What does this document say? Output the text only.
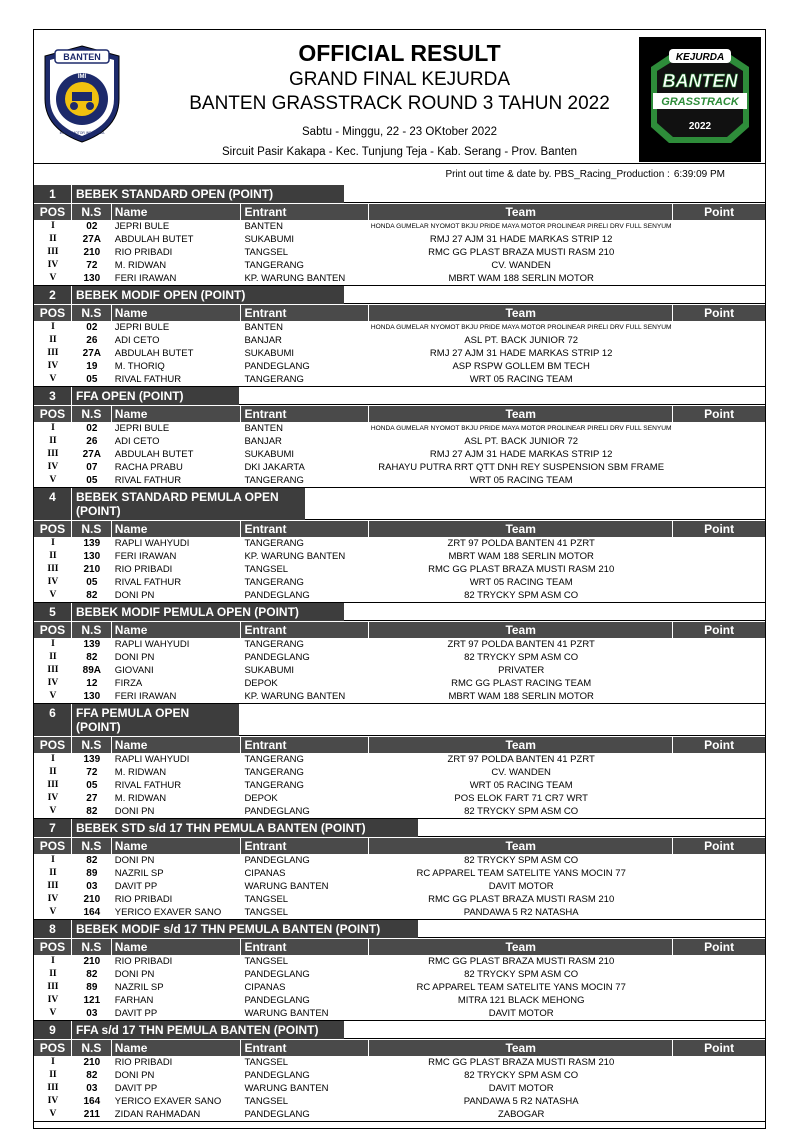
BANTEN
IMI
IKATAN MOTOR INDONESIA
OFFICIAL RESULT
GRAND FINAL KEJURDA
BANTEN GRASSTRACK ROUND 3 TAHUN 2022
Sabtu - Minggu, 22 - 23 OKtober 2022
Sircuit Pasir Kakapa - Kec. Tunjung Teja - Kab. Serang - Prov. Banten
KEJURDA
BANTEN
GRASSTRACK
2022
Print out time & date by. PBS_Racing_Production : 6:39:09 PM
1	BEBEK STANDARD OPEN (POINT)
POS	N.S	Name	Entrant	Team	Point
I	02	JEPRI BULE	BANTEN	HONDA GUMELAR NYOMOT BKJU PRIDE MAYA MOTOR PROLINEAR PIRELI DRV FULL SENYUM
II	27A	ABDULAH BUTET	SUKABUMI	RMJ 27 AJM 31 HADE MARKAS STRIP 12
III	210	RIO PRIBADI	TANGSEL	RMC GG PLAST BRAZA MUSTI RASM 210
IV	72	M. RIDWAN	TANGERANG	CV. WANDEN
V	130	FERI IRAWAN	KP. WARUNG BANTEN	MBRT WAM 188 SERLIN MOTOR
2	BEBEK MODIF OPEN (POINT)
POS	N.S	Name	Entrant	Team	Point
I	02	JEPRI BULE	BANTEN	HONDA GUMELAR NYOMOT BKJU PRIDE MAYA MOTOR PROLINEAR PIRELI DRV FULL SENYUM
II	26	ADI CETO	BANJAR	ASL PT. BACK JUNIOR 72
III	27A	ABDULAH BUTET	SUKABUMI	RMJ 27 AJM 31 HADE MARKAS STRIP 12
IV	19	M. THORIQ	PANDEGLANG	ASP RSPW GOLLEM BM TECH
V	05	RIVAL FATHUR	TANGERANG	WRT 05 RACING TEAM
3	FFA OPEN (POINT)
POS	N.S	Name	Entrant	Team	Point
I	02	JEPRI BULE	BANTEN	HONDA GUMELAR NYOMOT BKJU PRIDE MAYA MOTOR PROLINEAR PIRELI DRV FULL SENYUM
II	26	ADI CETO	BANJAR	ASL PT. BACK JUNIOR 72
III	27A	ABDULAH BUTET	SUKABUMI	RMJ 27 AJM 31 HADE MARKAS STRIP 12
IV	07	RACHA PRABU	DKI JAKARTA	RAHAYU PUTRA RRT QTT DNH REY SUSPENSION SBM FRAME
V	05	RIVAL FATHUR	TANGERANG	WRT 05 RACING TEAM
4	BEBEK STANDARD PEMULA OPEN (POINT)
POS	N.S	Name	Entrant	Team	Point
I	139	RAPLI WAHYUDI	TANGERANG	ZRT 97 POLDA BANTEN 41 PZRT
II	130	FERI IRAWAN	KP. WARUNG BANTEN	MBRT WAM 188 SERLIN MOTOR
III	210	RIO PRIBADI	TANGSEL	RMC GG PLAST BRAZA MUSTI RASM 210
IV	05	RIVAL FATHUR	TANGERANG	WRT 05 RACING TEAM
V	82	DONI PN	PANDEGLANG	82 TRYCKY SPM ASM CO
5	BEBEK MODIF PEMULA OPEN (POINT)
POS	N.S	Name	Entrant	Team	Point
I	139	RAPLI WAHYUDI	TANGERANG	ZRT 97 POLDA BANTEN 41 PZRT
II	82	DONI PN	PANDEGLANG	82 TRYCKY SPM ASM CO
III	89A	GIOVANI	SUKABUMI	PRIVATER
IV	12	FIRZA	DEPOK	RMC GG PLAST RACING TEAM
V	130	FERI IRAWAN	KP. WARUNG BANTEN	MBRT WAM 188 SERLIN MOTOR
6	FFA PEMULA OPEN (POINT)
POS	N.S	Name	Entrant	Team	Point
I	139	RAPLI WAHYUDI	TANGERANG	ZRT 97 POLDA BANTEN 41 PZRT
II	72	M. RIDWAN	TANGERANG	CV. WANDEN
III	05	RIVAL FATHUR	TANGERANG	WRT 05 RACING TEAM
IV	27	M. RIDWAN	DEPOK	POS ELOK FART 71 CR7 WRT
V	82	DONI PN	PANDEGLANG	82 TRYCKY SPM ASM CO
7	BEBEK STD s/d 17 THN PEMULA BANTEN (POINT)
POS	N.S	Name	Entrant	Team	Point
I	82	DONI PN	PANDEGLANG	82 TRYCKY SPM ASM CO
II	89	NAZRIL SP	CIPANAS	RC APPAREL TEAM SATELITE YANS MOCIN 77
III	03	DAVIT PP	WARUNG BANTEN	DAVIT MOTOR
IV	210	RIO PRIBADI	TANGSEL	RMC GG PLAST BRAZA MUSTI RASM 210
V	164	YERICO EXAVER SANO	TANGSEL	PANDAWA 5 R2 NATASHA
8	BEBEK MODIF s/d 17 THN PEMULA BANTEN (POINT)
POS	N.S	Name	Entrant	Team	Point
I	210	RIO PRIBADI	TANGSEL	RMC GG PLAST BRAZA MUSTI RASM 210
II	82	DONI PN	PANDEGLANG	82 TRYCKY SPM ASM CO
III	89	NAZRIL SP	CIPANAS	RC APPAREL TEAM SATELITE YANS MOCIN 77
IV	121	FARHAN	PANDEGLANG	MITRA 121 BLACK MEHONG
V	03	DAVIT PP	WARUNG BANTEN	DAVIT MOTOR
9	FFA s/d 17 THN PEMULA BANTEN (POINT)
POS	N.S	Name	Entrant	Team	Point
I	210	RIO PRIBADI	TANGSEL	RMC GG PLAST BRAZA MUSTI RASM 210
II	82	DONI PN	PANDEGLANG	82 TRYCKY SPM ASM CO
III	03	DAVIT PP	WARUNG BANTEN	DAVIT MOTOR
IV	164	YERICO EXAVER SANO	TANGSEL	PANDAWA 5 R2 NATASHA
V	211	ZIDAN RAHMADAN	PANDEGLANG	ZABOGAR
